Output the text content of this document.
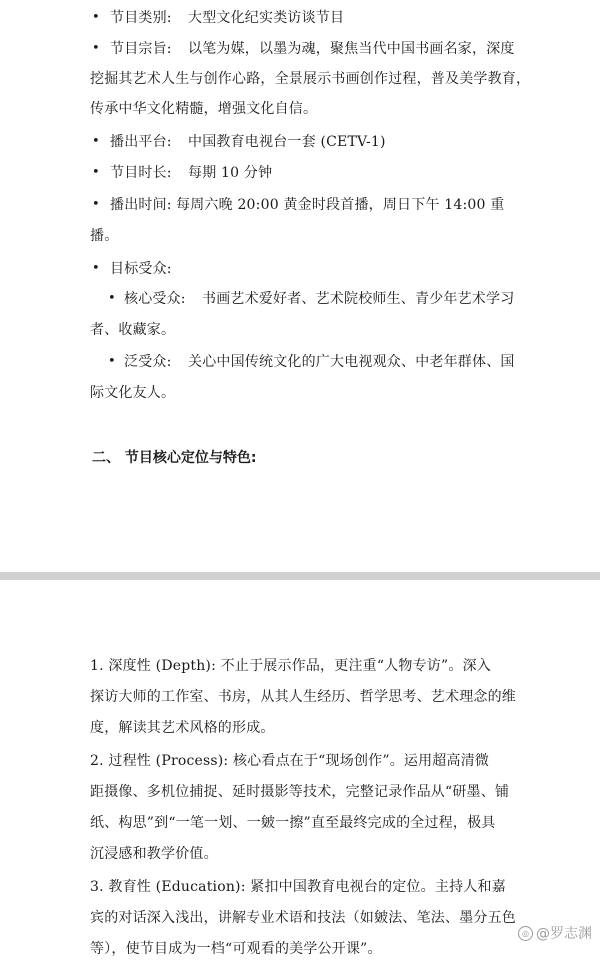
• 节目类别: 大型文化纪实类访谈节目
• 节目宗旨: 以笔为媒，以墨为魂，聚焦当代中国书画名家，深度
挖掘其艺术人生与创作心路，全景展示书画创作过程，普及美学教育，
传承中华文化精髓，增强文化自信。
• 播出平台: 中国教育电视台一套 (CETV-1)
• 节目时长: 每期 10 分钟
• 播出时间: 每周六晚 20:00 黄金时段首播，周日下午 14:00 重
播。
• 目标受众:
• 核心受众: 书画艺术爱好者、艺术院校师生、青少年艺术学习
者、收藏家。
• 泛受众: 关心中国传统文化的广大电视观众、中老年群体、国
际文化友人。
二、 节目核心定位与特色:
1. 深度性 (Depth): 不止于展示作品，更注重“人物专访”。深入
探访大师的工作室、书房，从其人生经历、哲学思考、艺术理念的维
度，解读其艺术风格的形成。
2. 过程性 (Process): 核心看点在于“现场创作”。运用超高清微
距摄像、多机位捕捉、延时摄影等技术，完整记录作品从“研墨、铺
纸、构思”到“一笔一划、一皴一擦”直至最终完成的全过程，极具
沉浸感和教学价值。
3. 教育性 (Education): 紧扣中国教育电视台的定位。主持人和嘉
宾的对话深入浅出，讲解专业术语和技法（如皴法、笔法、墨分五色
等），使节目成为一档“可观看的美学公开课”。
◎ @罗志渊
